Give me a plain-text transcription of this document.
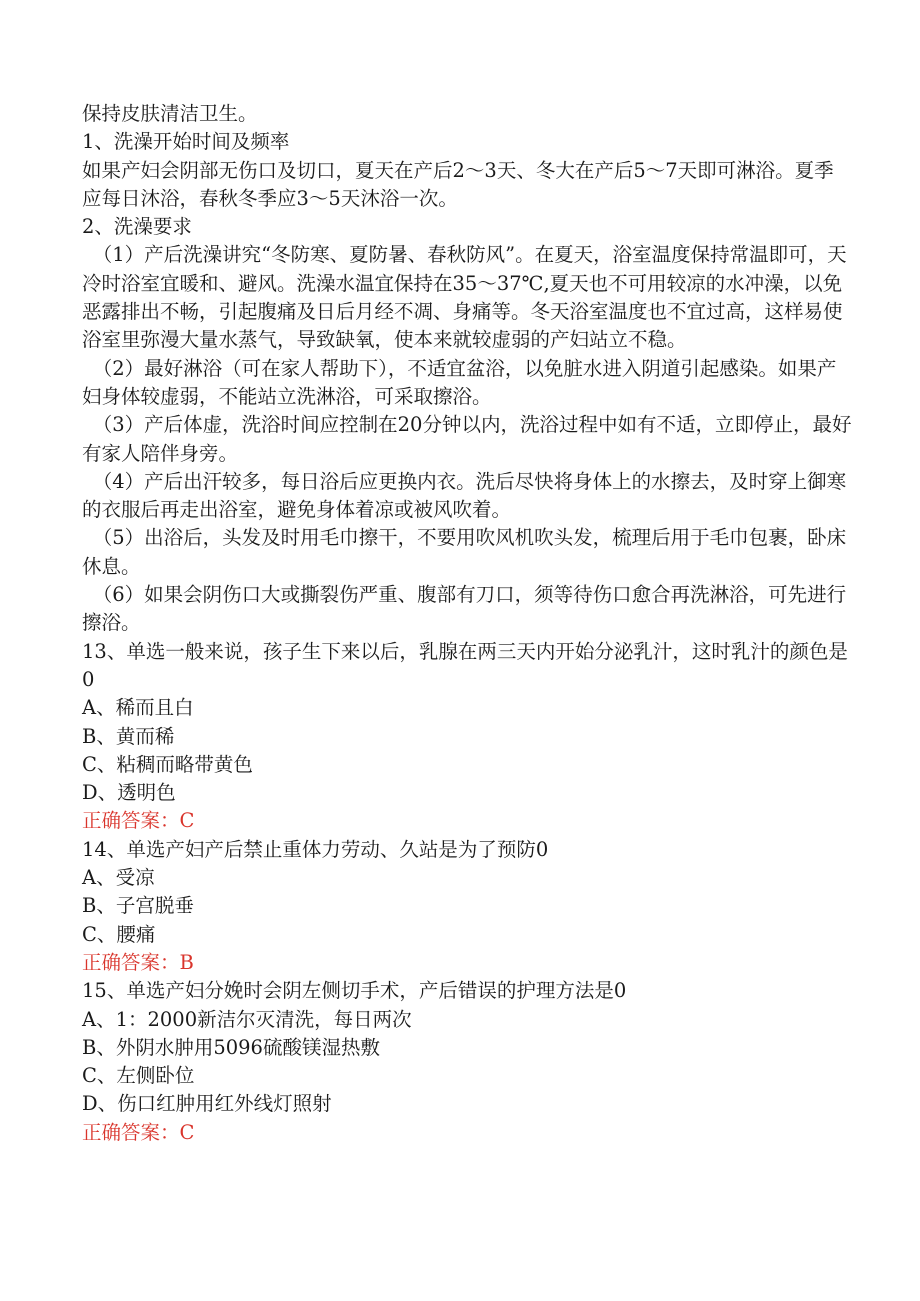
保持皮肤清洁卫生。

1、洗澡开始时间及频率

如果产妇会阴部无伤口及切口，夏天在产后2～3天、冬大在产后5～7天即可淋浴。夏季应每日沐浴，春秋冬季应3～5天沐浴一次。

2、洗澡要求

（1）产后洗澡讲究“冬防寒、夏防暑、春秋防风”。在夏天，浴室温度保持常温即可，天冷时浴室宜暖和、避风。洗澡水温宜保持在35～37℃,夏天也不可用较凉的水冲澡，以免恶露排出不畅，引起腹痛及日后月经不凋、身痛等。冬天浴室温度也不宜过高，这样易使浴室里弥漫大量水蒸气，导致缺氧，使本来就较虚弱的产妇站立不稳。

（2）最好淋浴（可在家人帮助下），不适宜盆浴，以免脏水进入阴道引起感染。如果产妇身体较虚弱，不能站立洗淋浴，可采取擦浴。

（3）产后体虚，洗浴时间应控制在20分钟以内，洗浴过程中如有不适，立即停止，最好有家人陪伴身旁。

（4）产后出汗较多，每日浴后应更换内衣。洗后尽快将身体上的水擦去，及时穿上御寒的衣服后再走出浴室，避免身体着凉或被风吹着。

（5）出浴后，头发及时用毛巾擦干，不要用吹风机吹头发，梳理后用于毛巾包裹，卧床休息。

（6）如果会阴伤口大或撕裂伤严重、腹部有刀口，须等待伤口愈合再洗淋浴，可先进行擦浴。

13、单选一般来说，孩子生下来以后，乳腺在两三天内开始分泌乳汁，这时乳汁的颜色是0

A、稀而且白

B、黄而稀

C、粘稠而略带黄色

D、透明色

正确答案：C

14、单选产妇产后禁止重体力劳动、久站是为了预防0

A、受凉

B、子宫脱垂

C、腰痛

正确答案：B

15、单选产妇分娩时会阴左侧切手术，产后错误的护理方法是0

A、1：2000新洁尔灭清洗，每日两次

B、外阴水肿用5096硫酸镁湿热敷

C、左侧卧位

D、伤口红肿用红外线灯照射

正确答案：C
